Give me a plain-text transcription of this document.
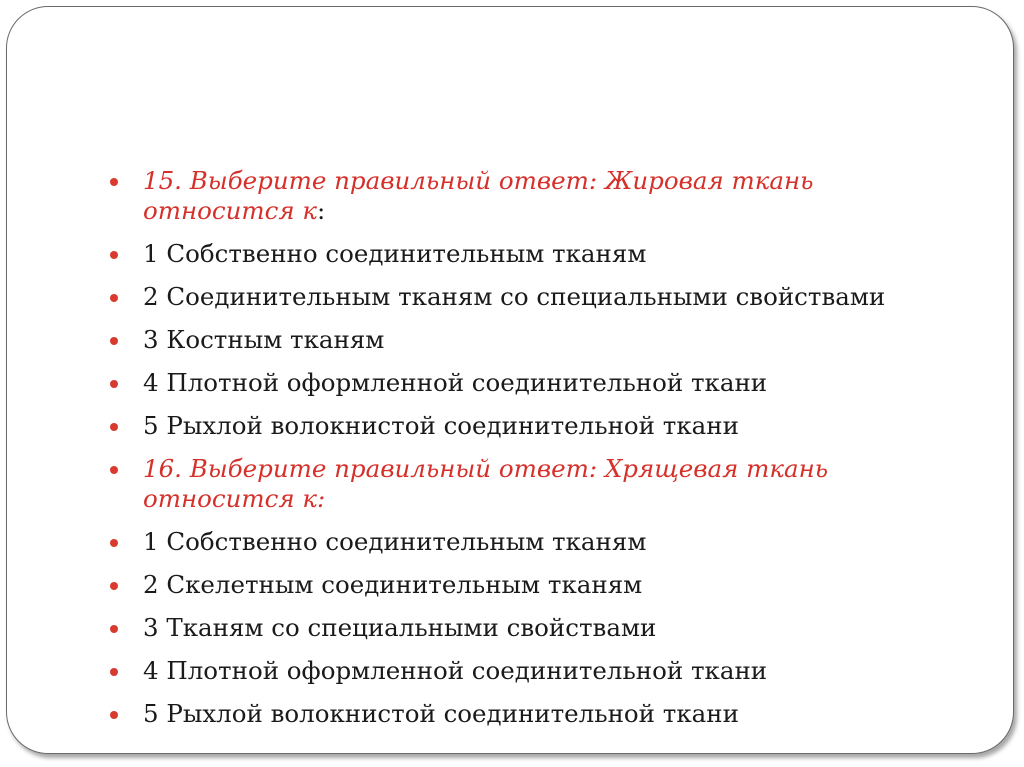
15. Выберите правильный ответ: Жировая ткань относится к:
1 Собственно соединительным тканям
2 Соединительным тканям со специальными свойствами
3 Костным тканям
4 Плотной оформленной соединительной ткани
5 Рыхлой волокнистой соединительной ткани
16. Выберите правильный ответ: Хрящевая ткань относится к:
1 Собственно соединительным тканям
2 Скелетным соединительным тканям
3 Тканям со специальными свойствами
4 Плотной оформленной соединительной ткани
5 Рыхлой волокнистой соединительной ткани
